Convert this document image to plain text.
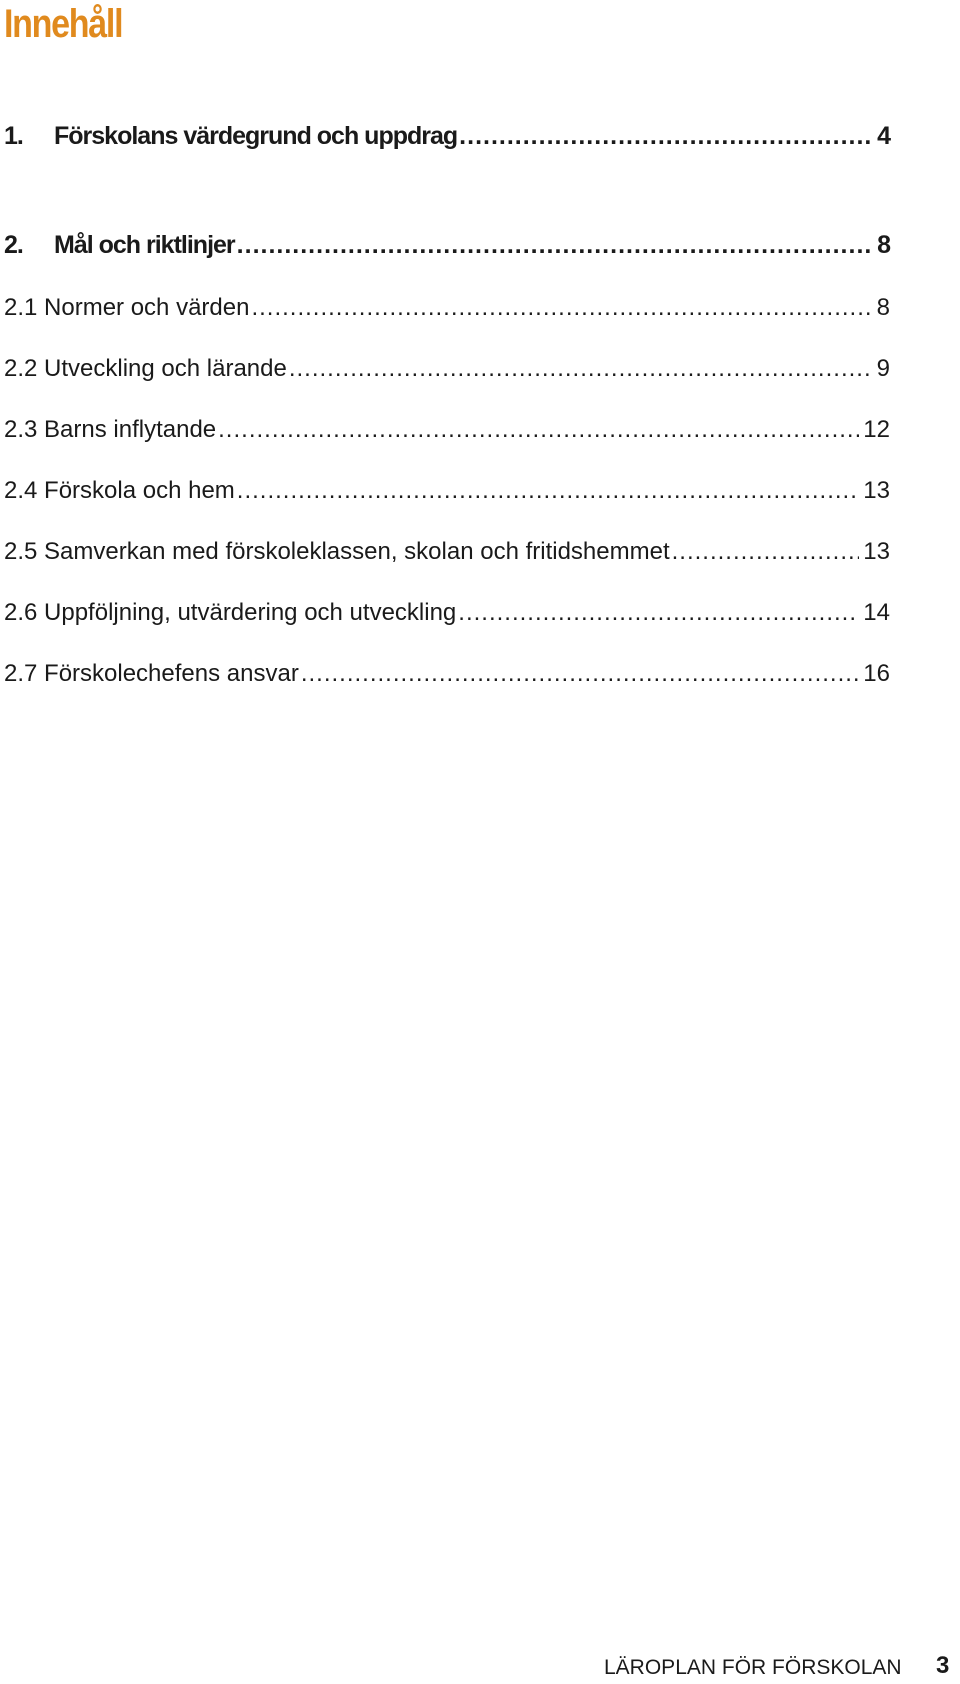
Innehåll
1. Förskolans värdegrund och uppdrag .....	4
2. Mål och riktlinjer .....	8
2.1 Normer och värden .....	8
2.2 Utveckling och lärande .....	9
2.3 Barns inflytande .....	12
2.4 Förskola och hem .....	13
2.5 Samverkan med förskoleklassen, skolan och fritidshemmet .....	13
2.6 Uppföljning, utvärdering och utveckling .....	14
2.7 Förskolechefens ansvar .....	16
LÄROPLAN FÖR FÖRSKOLAN 3
